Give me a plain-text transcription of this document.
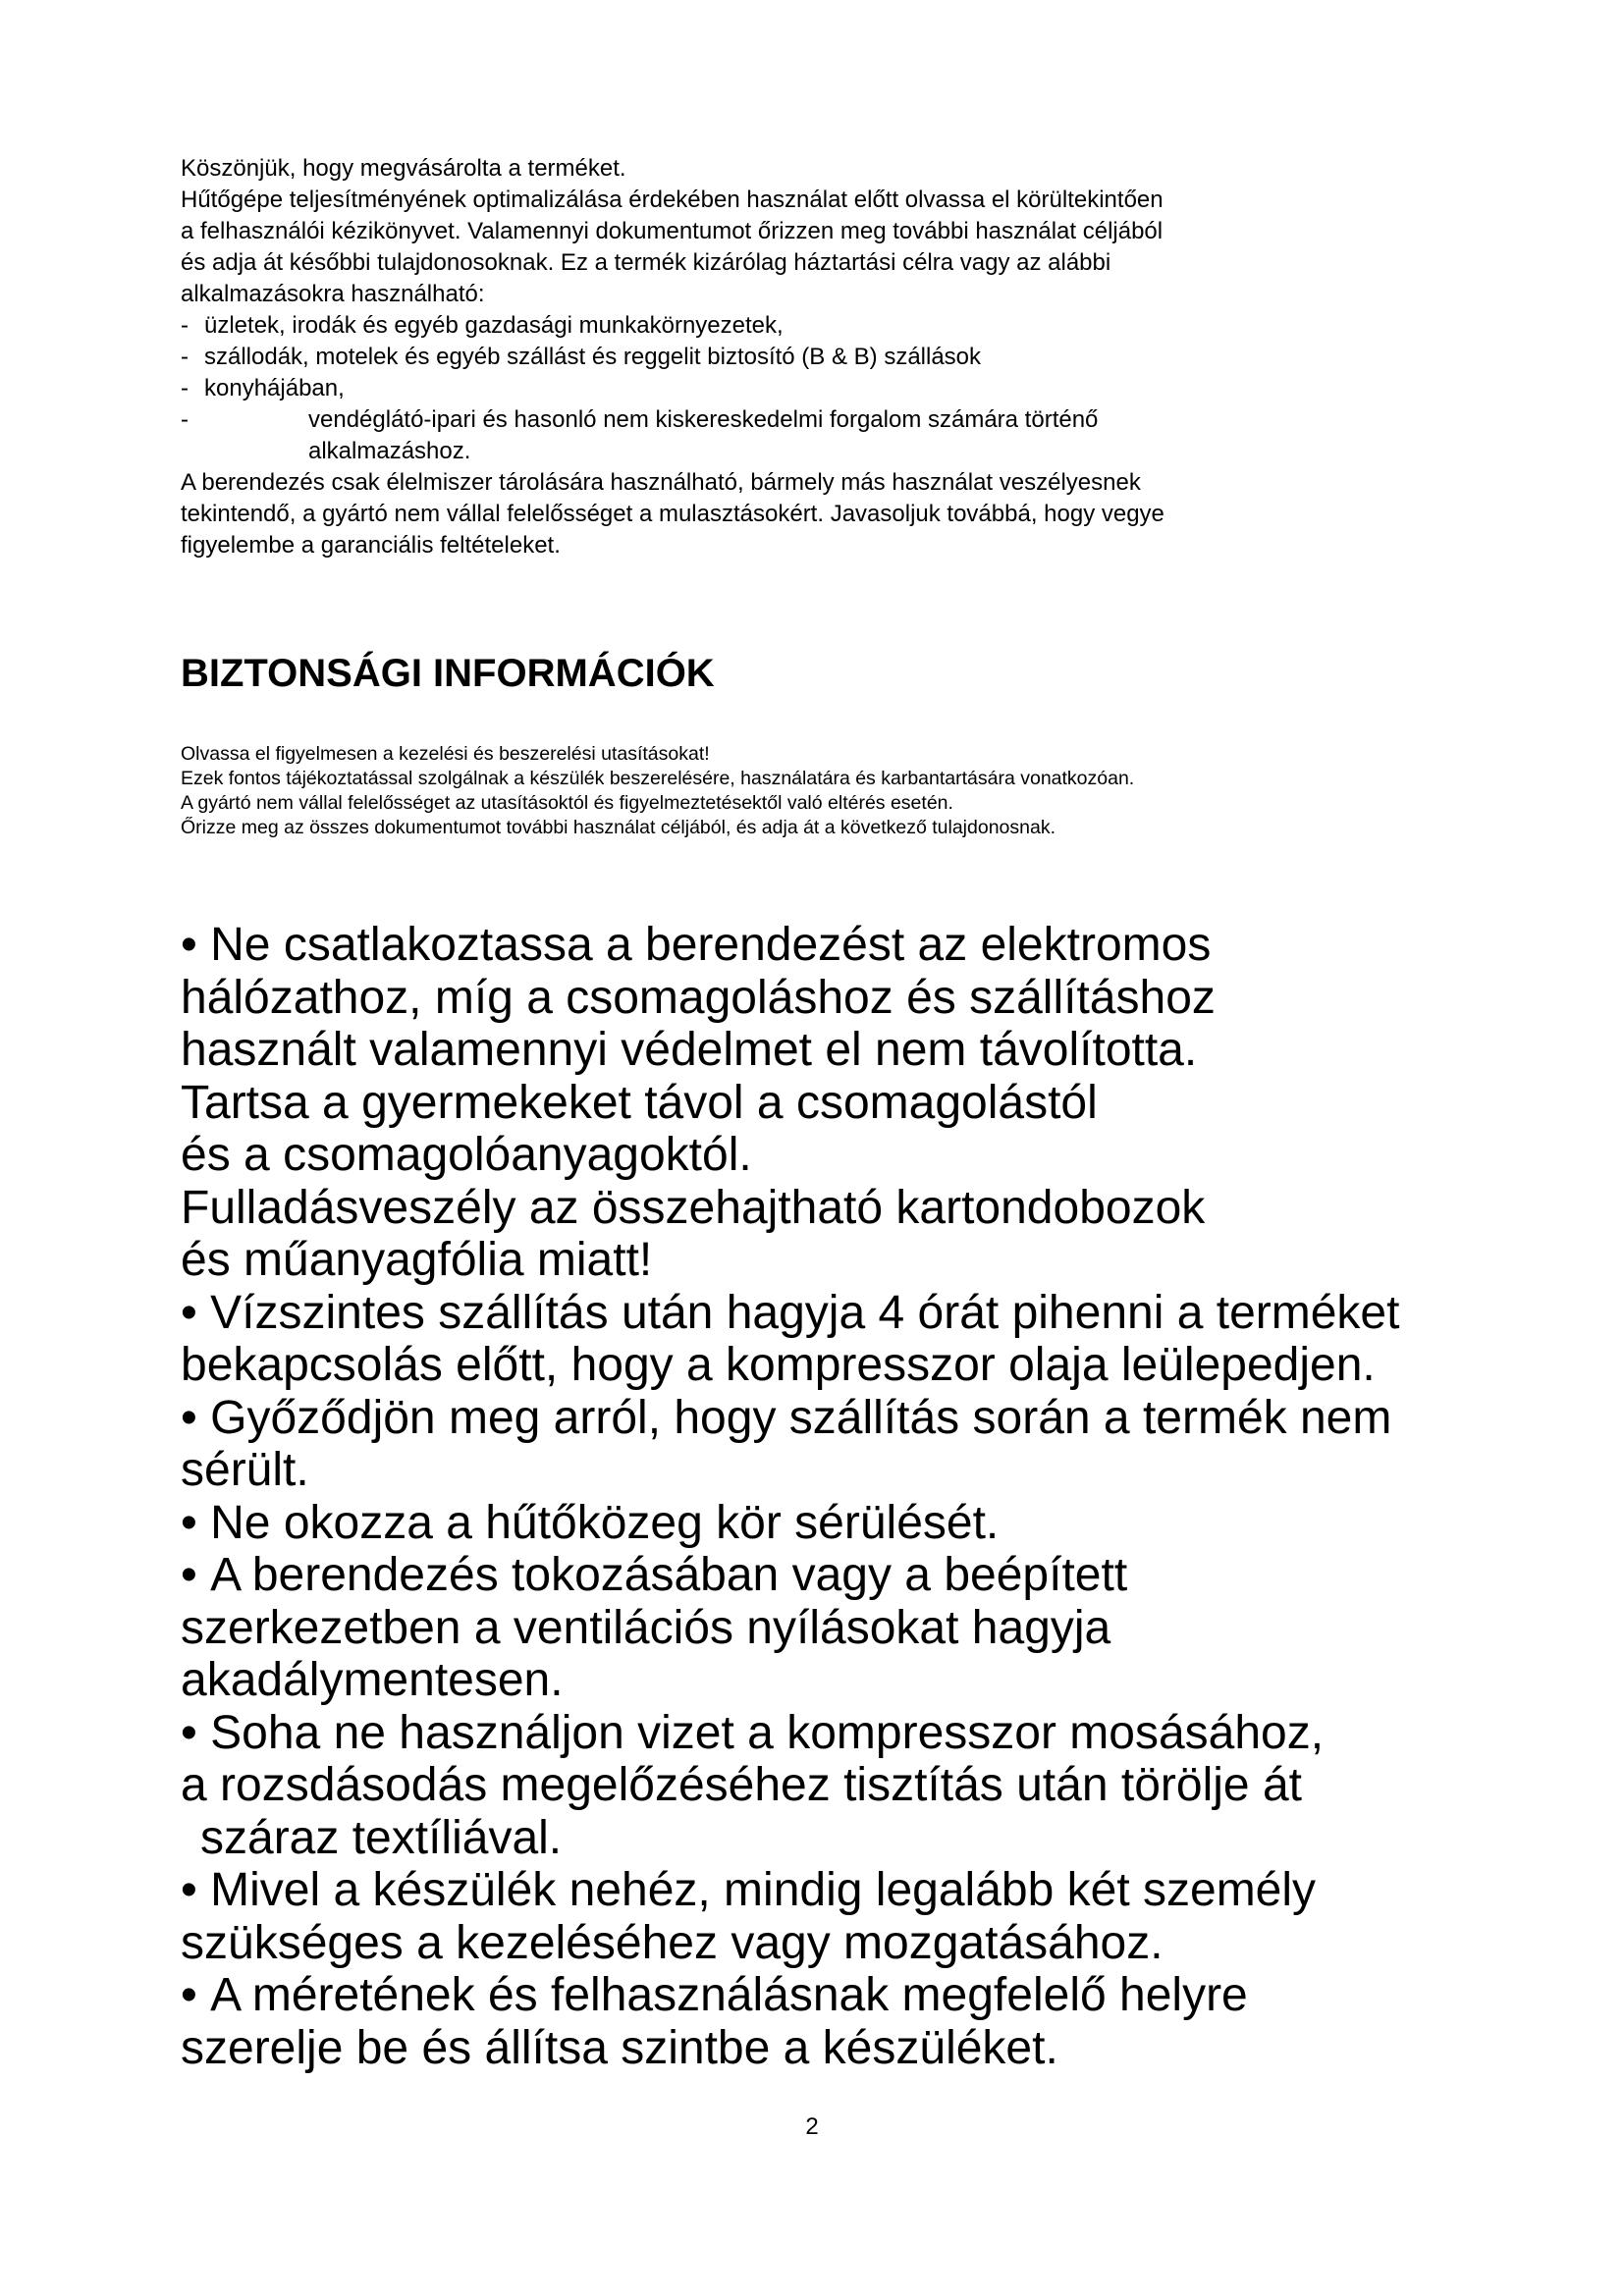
Köszönjük, hogy megvásárolta a terméket.

Hűtőgépe teljesítményének optimalizálása érdekében használat előtt olvassa el körültekintően

a felhasználói kézikönyvet. Valamennyi dokumentumot őrizzen meg további használat céljából

és adja át későbbi tulajdonosoknak. Ez a termék kizárólag háztartási célra vagy az alábbi

alkalmazásokra használható:

- üzletek, irodák és egyéb gazdasági munkakörnyezetek,
- szállodák, motelek és egyéb szállást és reggelit biztosító (B & B) szállások
- konyhájában,
-	vendéglátó-ipari és hasonló nem kiskereskedelmi forgalom számára történő
alkalmazáshoz.

A berendezés csak élelmiszer tárolására használható, bármely más használat veszélyesnek

tekintendő, a gyártó nem vállal felelősséget a mulasztásokért. Javasoljuk továbbá, hogy vegye

figyelembe a garanciális feltételeket.

BIZTONSÁGI INFORMÁCIÓK

Olvassa el figyelmesen a kezelési és beszerelési utasításokat!

Ezek fontos tájékoztatással szolgálnak a készülék beszerelésére, használatára és karbantartására vonatkozóan.

A gyártó nem vállal felelősséget az utasításoktól és figyelmeztetésektől való eltérés esetén.

Őrizze meg az összes dokumentumot további használat céljából, és adja át a következő tulajdonosnak.

• Ne csatlakoztassa a berendezést az elektromos

hálózathoz, míg a csomagoláshoz és szállításhoz

használt valamennyi védelmet el nem távolította.

Tartsa a gyermekeket távol a csomagolástól

és a csomagolóanyagoktól.

Fulladásveszély az összehajtható kartondobozok

és műanyagfólia miatt!

• Vízszintes szállítás után hagyja 4 órát pihenni a terméket

bekapcsolás előtt, hogy a kompresszor olaja leülepedjen.

• Győződjön meg arról, hogy szállítás során a termék nem

sérült.

• Ne okozza a hűtőközeg kör sérülését.

• A berendezés tokozásában vagy a beépített

szerkezetben a ventilációs nyílásokat hagyja

akadálymentesen.

• Soha ne használjon vizet a kompresszor mosásához,

a rozsdásodás megelőzéséhez tisztítás után törölje át

száraz textíliával.

• Mivel a készülék nehéz, mindig legalább két személy

szükséges a kezeléséhez vagy mozgatásához.

• A méretének és felhasználásnak megfelelő helyre

szerelje be és állítsa szintbe a készüléket.

2
